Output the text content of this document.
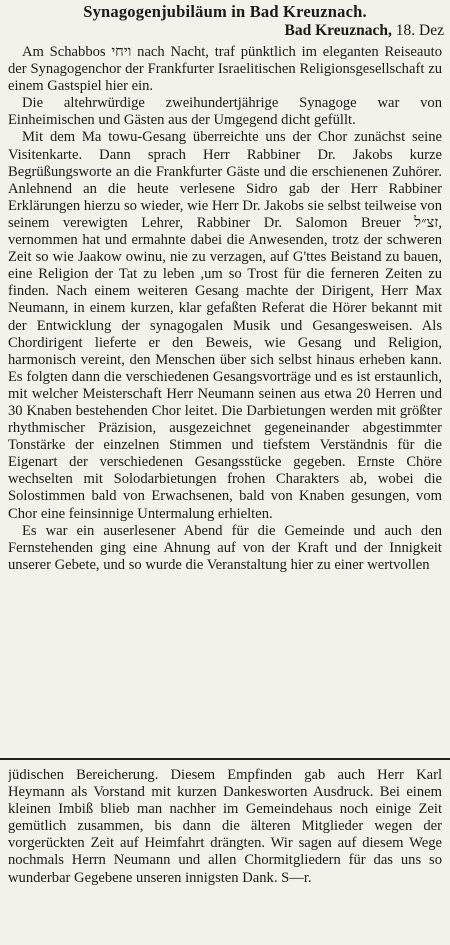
Synagogenjubiläum in Bad Kreuznach.

Bad Kreuznach, 18. Dez

Am Schabbos ויחי nach Nacht, traf pünktlich im eleganten Reiseauto der Synagogenchor der Frankfurter Israelitischen Religionsgesellschaft zu einem Gastspiel hier ein.

Die altehrwürdige zweihundertjährige Synagoge war von Einheimischen und Gästen aus der Umgegend dicht gefüllt.

Mit dem Ma towu-Gesang überreichte uns der Chor zunächst seine Visitenkarte. Dann sprach Herr Rabbiner Dr. Jakobs kurze Begrüßungsworte an die Frankfurter Gäste und die erschienenen Zuhörer. Anlehnend an die heute verlesene Sidro gab der Herr Rabbiner Erklärungen hierzu so wieder, wie Herr Dr. Jakobs sie selbst teilweise von seinem verewigten Lehrer, Rabbiner Dr. Salomon Breuer זצ״ל, vernommen hat und ermahnte dabei die Anwesenden, trotz der schweren Zeit so wie Jaakow owinu, nie zu verzagen, auf G'ttes Beistand zu bauen, eine Religion der Tat zu leben ,um so Trost für die ferneren Zeiten zu finden. Nach einem weiteren Gesang machte der Dirigent, Herr Max Neumann, in einem kurzen, klar gefaßten Referat die Hörer bekannt mit der Entwicklung der synagogalen Musik und Gesangesweisen. Als Chordirigent lieferte er den Beweis, wie Gesang und Religion, harmonisch vereint, den Menschen über sich selbst hinaus erheben kann. Es folgten dann die verschiedenen Gesangsvorträge und es ist erstaunlich, mit welcher Meisterschaft Herr Neumann seinen aus etwa 20 Herren und 30 Knaben bestehenden Chor leitet. Die Darbietungen werden mit größter rhythmischer Präzision, ausgezeichnet gegeneinander abgestimmter Tonstärke der einzelnen Stimmen und tiefstem Verständnis für die Eigenart der verschiedenen Gesangsstücke gegeben. Ernste Chöre wechselten mit Solodarbietungen frohen Charakters ab, wobei die Solostimmen bald von Erwachsenen, bald von Knaben gesungen, vom Chor eine feinsinnige Untermalung erhielten.

Es war ein auserlesener Abend für die Gemeinde und auch den Fernstehenden ging eine Ahnung auf von der Kraft und der Innigkeit unserer Gebete, und so wurde die Veranstaltung hier zu einer wertvollen

jüdischen Bereicherung. Diesem Empfinden gab auch Herr Karl Heymann als Vorstand mit kurzen Dankesworten Ausdruck. Bei einem kleinen Imbiß blieb man nachher im Gemeindehaus noch einige Zeit gemütlich zusammen, bis dann die älteren Mitglieder wegen der vorgerückten Zeit auf Heimfahrt drängten. Wir sagen auf diesem Wege nochmals Herrn Neumann und allen Chormitgliedern für das uns so wunderbar Gegebene unseren innigsten Dank. S—r.
